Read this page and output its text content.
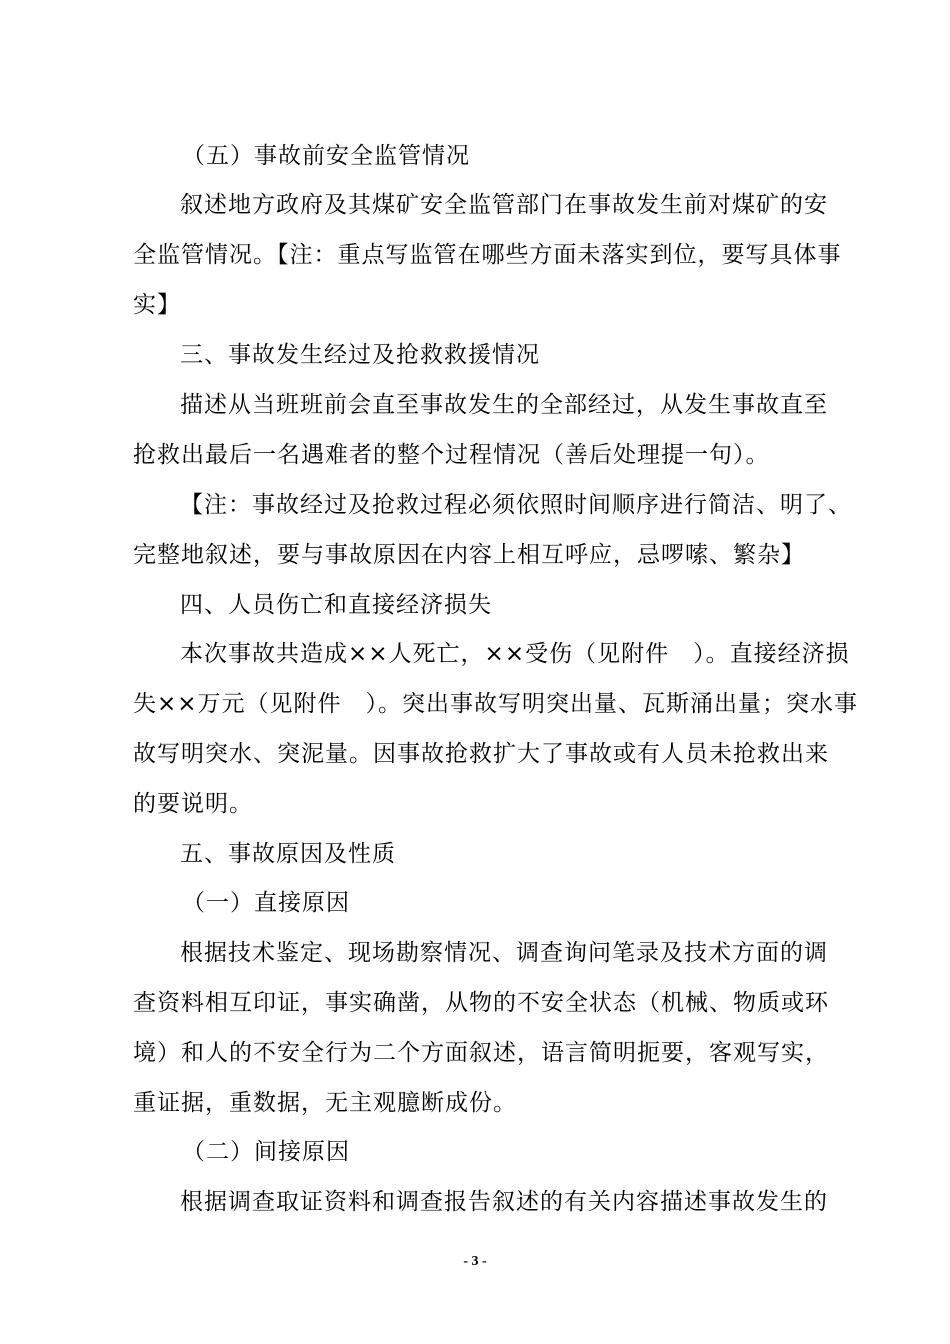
（五）事故前安全监管情况
叙述地方政府及其煤矿安全监管部门在事故发生前对煤矿的安
全监管情况。【注：重点写监管在哪些方面未落实到位，要写具体事
实】
三、事故发生经过及抢救救援情况
描述从当班班前会直至事故发生的全部经过，从发生事故直至
抢救出最后一名遇难者的整个过程情况（善后处理提一句）。
【注：事故经过及抢救过程必须依照时间顺序进行简洁、明了、
完整地叙述，要与事故原因在内容上相互呼应，忌啰嗦、繁杂】
四、人员伤亡和直接经济损失
本次事故共造成××人死亡，××受伤（见附件　）。直接经济损
失××万元（见附件　）。突出事故写明突出量、瓦斯涌出量；突水事
故写明突水、突泥量。因事故抢救扩大了事故或有人员未抢救出来
的要说明。
五、事故原因及性质
（一）直接原因
根据技术鉴定、现场勘察情况、调查询问笔录及技术方面的调
查资料相互印证，事实确凿，从物的不安全状态（机械、物质或环
境）和人的不安全行为二个方面叙述，语言简明扼要，客观写实，
重证据，重数据，无主观臆断成份。
（二）间接原因
根据调查取证资料和调查报告叙述的有关内容描述事故发生的
- 3 -
